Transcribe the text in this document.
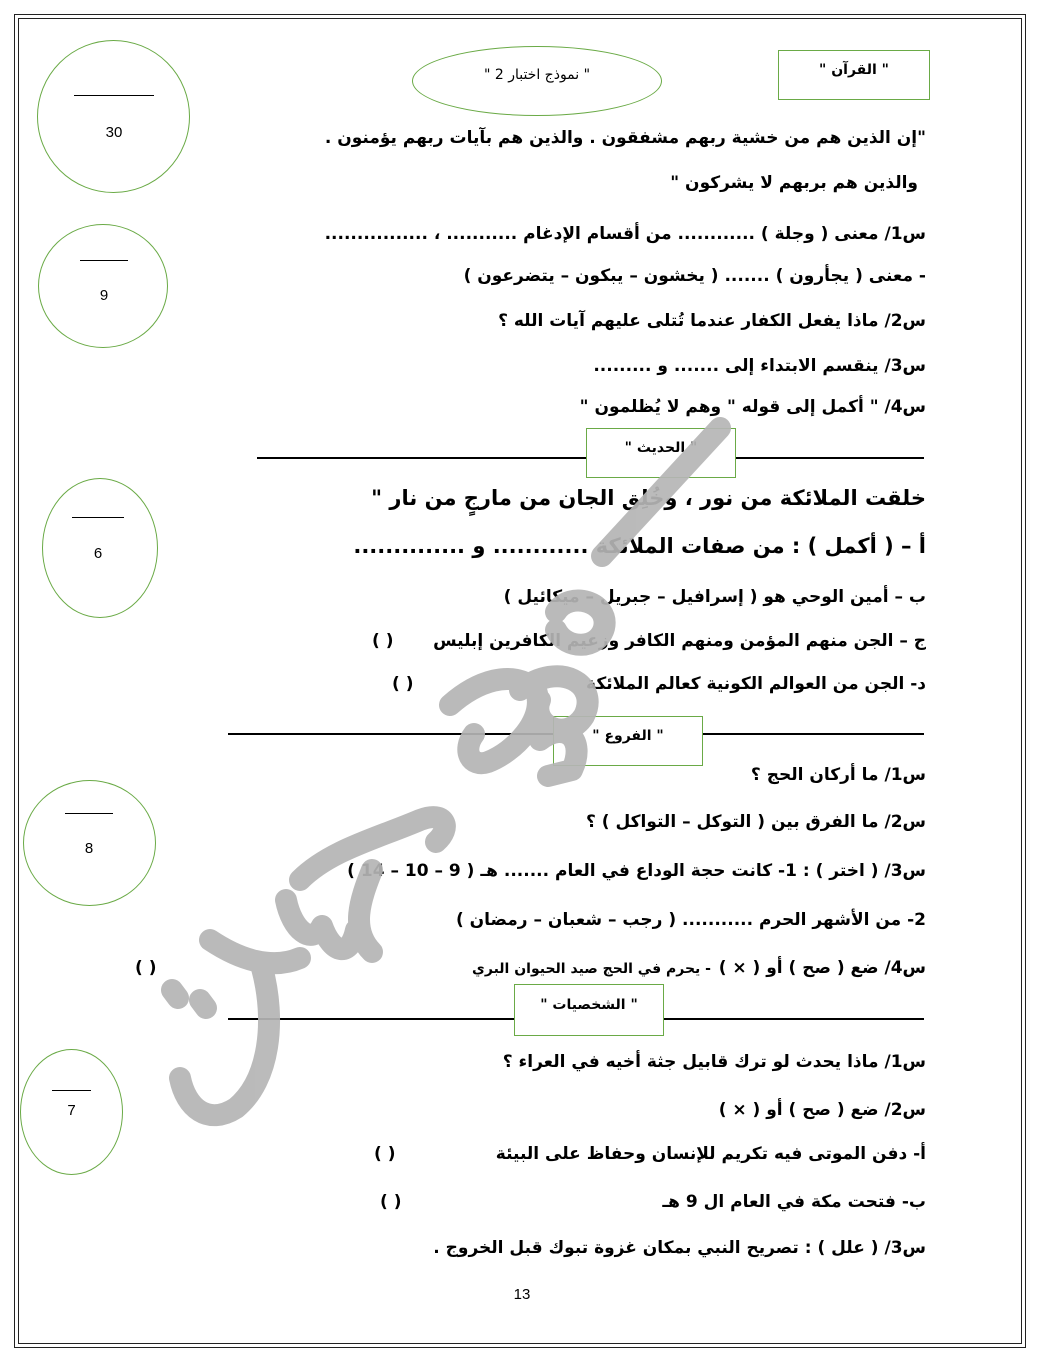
" القرآن "
" نموذج اختبار 2 "
30
9
6
8
7
"إن الذين هم من خشية ربهم مشفقون . والذين هم بآيات ربهم يؤمنون .
والذين هم بربهم لا يشركون "
س1/ معنى ( وجلة ) ............ من أقسام الإدغام ........... ، ................
- معنى ( يجأرون ) ....... ( يخشون – يبكون – يتضرعون )
س2/ ماذا يفعل الكفار عندما تُتلى عليهم آيات الله ؟
س3/ ينقسم الابتداء إلى ....... و .........
س4/ " أكمل إلى قوله " وهم لا يُظلمون "
" الحديث "
خلقت الملائكة من نور ، وخُلِق الجان من مارجٍ من نار "
أ – ( أكمل ) : من صفات الملائكة ............ و ..............
ب – أمين الوحي هو ( إسرافيل – جبريل – ميكائيل )
ج – الجن منهم المؤمن ومنهم الكافر وزعيم الكافرين إبليس
( )
د- الجن من العوالم الكونية كعالم الملائكة
( )
" الفروع "
س1/ ما أركان الحج ؟
س2/ ما الفرق بين ( التوكل – التواكل ) ؟
س3/ ( اختر ) : 1- كانت حجة الوداع في العام ....... هـ ( 9 – 10 – 14 )
2- من الأشهر الحرم ........... ( رجب – شعبان – رمضان )
س4/ ضع ( صح ) أو ( × )
- يحرم في الحج صيد الحيوان البري
( )
" الشخصيات "
س1/ ماذا يحدث لو ترك قابيل جثة أخيه في العراء ؟
س2/ ضع ( صح ) أو ( × )
أ- دفن الموتى فيه تكريم للإنسان وحفاظ على البيئة
( )
ب- فتحت مكة في العام ال 9 هـ
( )
س3/ ( علل ) : تصريح النبي بمكان غزوة تبوك قبل الخروج .
13
